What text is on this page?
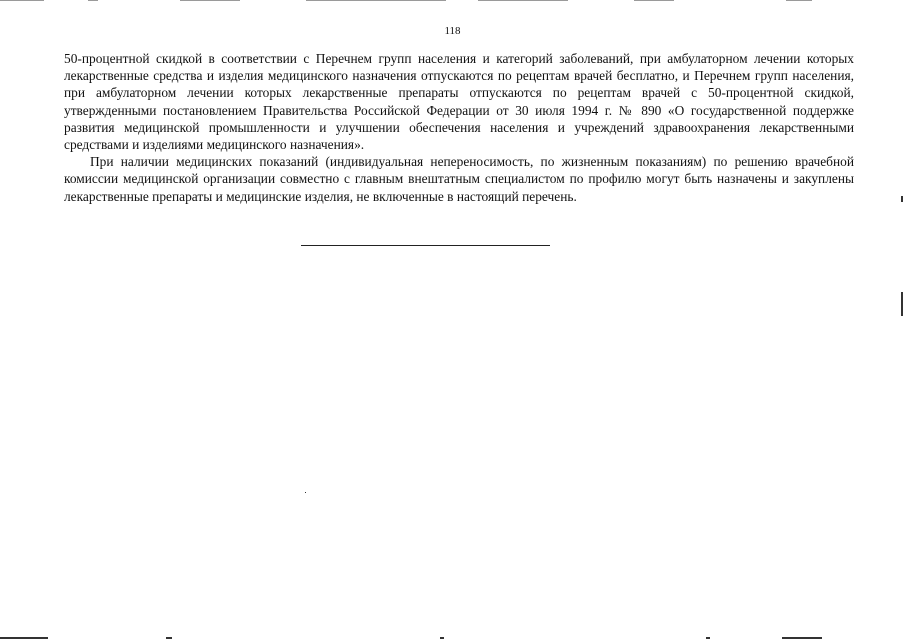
118

50-процентной скидкой в соответствии с Перечнем групп населения и категорий заболеваний, при амбулаторном лечении которых лекарственные средства и изделия медицинского назначения отпускаются по рецептам врачей бесплатно, и Перечнем групп населения, при амбулаторном лечении которых лекарственные препараты отпускаются по рецептам врачей с 50-процентной скидкой, утвержденными постановлением Правительства Российской Федерации от 30 июля 1994 г. № 890 «О государственной поддержке развития медицинской промышленности и улучшении обеспечения населения и учреждений здравоохранения лекарственными средствами и изделиями медицинского назначения».

При наличии медицинских показаний (индивидуальная непереносимость, по жизненным показаниям) по решению врачебной комиссии медицинской организации совместно с главным внештатным специалистом по профилю могут быть назначены и закуплены лекарственные препараты и медицинские изделия, не включенные в настоящий перечень.
